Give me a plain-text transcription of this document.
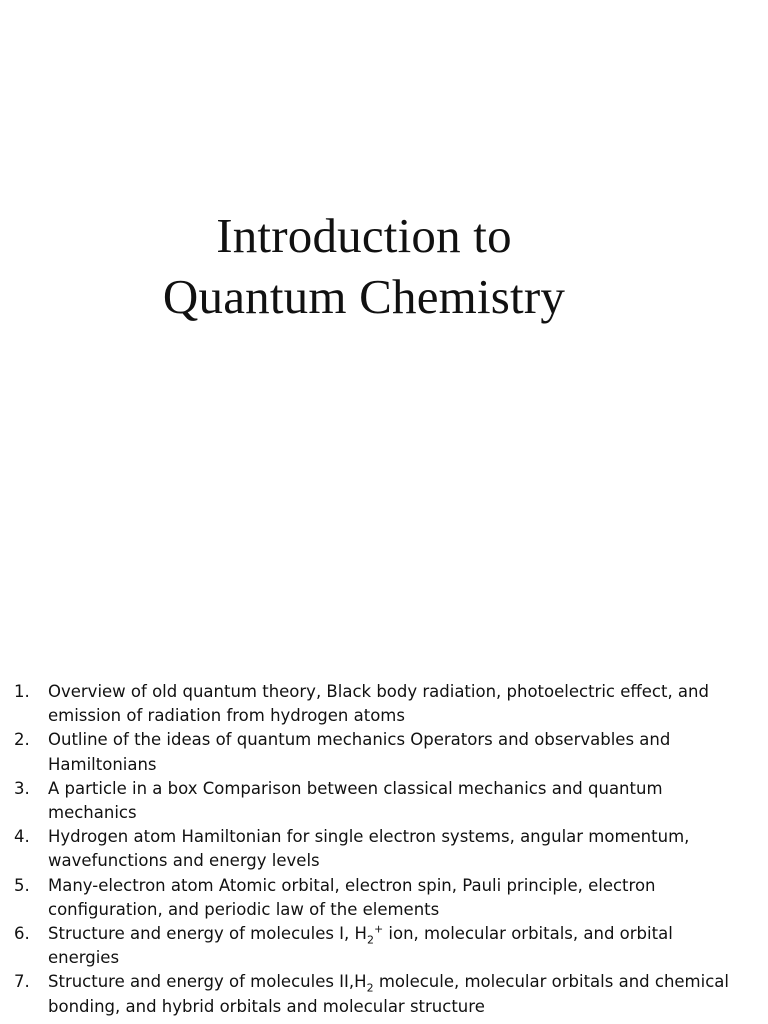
Introduction to
Quantum Chemistry
1.	Overview of old quantum theory, Black body radiation, photoelectric effect, and emission of radiation from hydrogen atoms
2.	Outline of the ideas of quantum mechanics Operators and observables and Hamiltonians
3.	A particle in a box Comparison between classical mechanics and quantum mechanics
4.	Hydrogen atom Hamiltonian for single electron systems, angular momentum, wavefunctions and energy levels
5.	Many-electron atom Atomic orbital, electron spin, Pauli principle, electron configuration, and periodic law of the elements
6.	Structure and energy of molecules I, $H_2^+$ ion, molecular orbitals, and orbital energies
7.	Structure and energy of molecules $II,H_2$ molecule, molecular orbitals and chemical bonding, and hybrid orbitals and molecular structure
